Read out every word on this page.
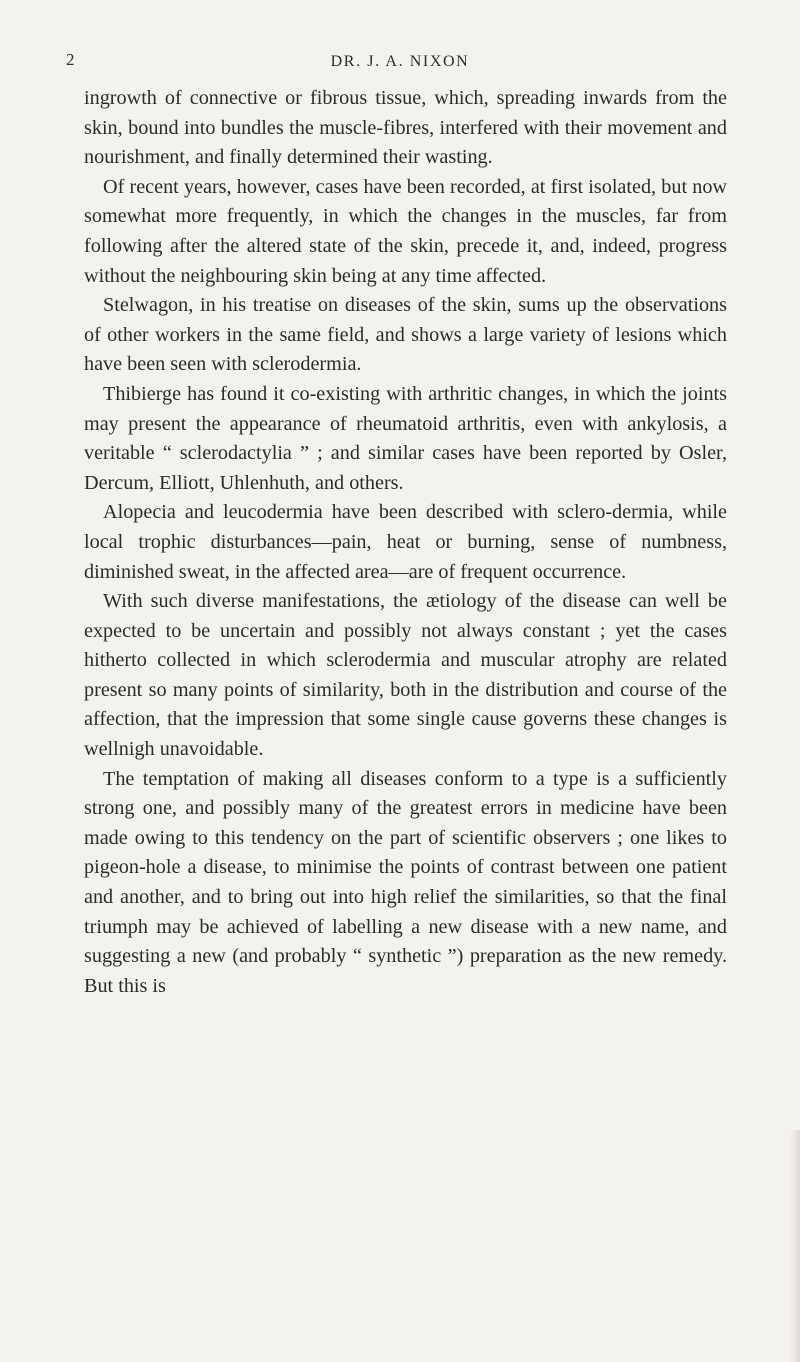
2	DR. J. A. NIXON

ingrowth of connective or fibrous tissue, which, spreading inwards from the skin, bound into bundles the muscle-fibres, interfered with their movement and nourishment, and finally determined their wasting.

Of recent years, however, cases have been recorded, at first isolated, but now somewhat more frequently, in which the changes in the muscles, far from following after the altered state of the skin, precede it, and, indeed, progress without the neighbouring skin being at any time affected.

Stelwagon, in his treatise on diseases of the skin, sums up the observations of other workers in the same field, and shows a large variety of lesions which have been seen with sclerodermia.

Thibierge has found it co-existing with arthritic changes, in which the joints may present the appearance of rheumatoid arthritis, even with ankylosis, a veritable “ sclerodactylia ” ; and similar cases have been reported by Osler, Dercum, Elliott, Uhlenhuth, and others.

Alopecia and leucodermia have been described with sclero-dermia, while local trophic disturbances—pain, heat or burning, sense of numbness, diminished sweat, in the affected area—are of frequent occurrence.

With such diverse manifestations, the ætiology of the disease can well be expected to be uncertain and possibly not always constant ; yet the cases hitherto collected in which sclerodermia and muscular atrophy are related present so many points of similarity, both in the distribution and course of the affection, that the impression that some single cause governs these changes is wellnigh unavoidable.

The temptation of making all diseases conform to a type is a sufficiently strong one, and possibly many of the greatest errors in medicine have been made owing to this tendency on the part of scientific observers ; one likes to pigeon-hole a disease, to minimise the points of contrast between one patient and another, and to bring out into high relief the similarities, so that the final triumph may be achieved of labelling a new disease with a new name, and suggesting a new (and probably “ synthetic ”) preparation as the new remedy. But this is
